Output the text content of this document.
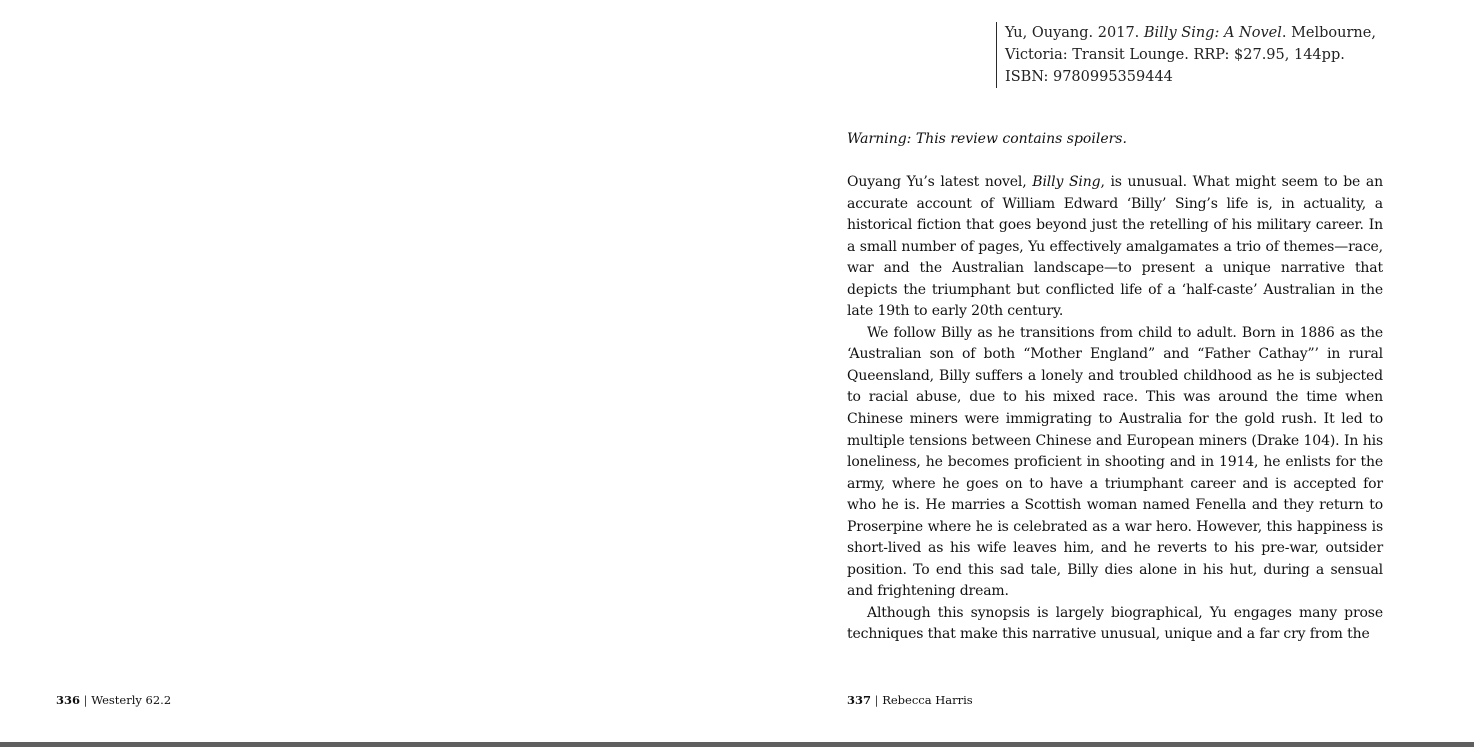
Yu, Ouyang. 2017. Billy Sing: A Novel. Melbourne, Victoria: Transit Lounge. RRP: $27.95, 144pp. ISBN: 9780995359444
Warning: This review contains spoilers.

Ouyang Yu’s latest novel, Billy Sing, is unusual. What might seem to be an accurate account of William Edward ‘Billy’ Sing’s life is, in actuality, a historical fiction that goes beyond just the retelling of his military career. In a small number of pages, Yu effectively amalgamates a trio of themes—race, war and the Australian landscape—to present a unique narrative that depicts the triumphant but conflicted life of a ‘half-caste’ Australian in the late 19th to early 20th century.

We follow Billy as he transitions from child to adult. Born in 1886 as the ‘Australian son of both “Mother England” and “Father Cathay”’ in rural Queensland, Billy suffers a lonely and troubled childhood as he is subjected to racial abuse, due to his mixed race. This was around the time when Chinese miners were immigrating to Australia for the gold rush. It led to multiple tensions between Chinese and European miners (Drake 104). In his loneliness, he becomes proficient in shooting and in 1914, he enlists for the army, where he goes on to have a triumphant career and is accepted for who he is. He marries a Scottish woman named Fenella and they return to Proserpine where he is celebrated as a war hero. However, this happiness is short-lived as his wife leaves him, and he reverts to his pre-war, outsider position. To end this sad tale, Billy dies alone in his hut, during a sensual and frightening dream.

Although this synopsis is largely biographical, Yu engages many prose techniques that make this narrative unusual, unique and a far cry from the

336 | Westerly 62.2	337 | Rebecca Harris
